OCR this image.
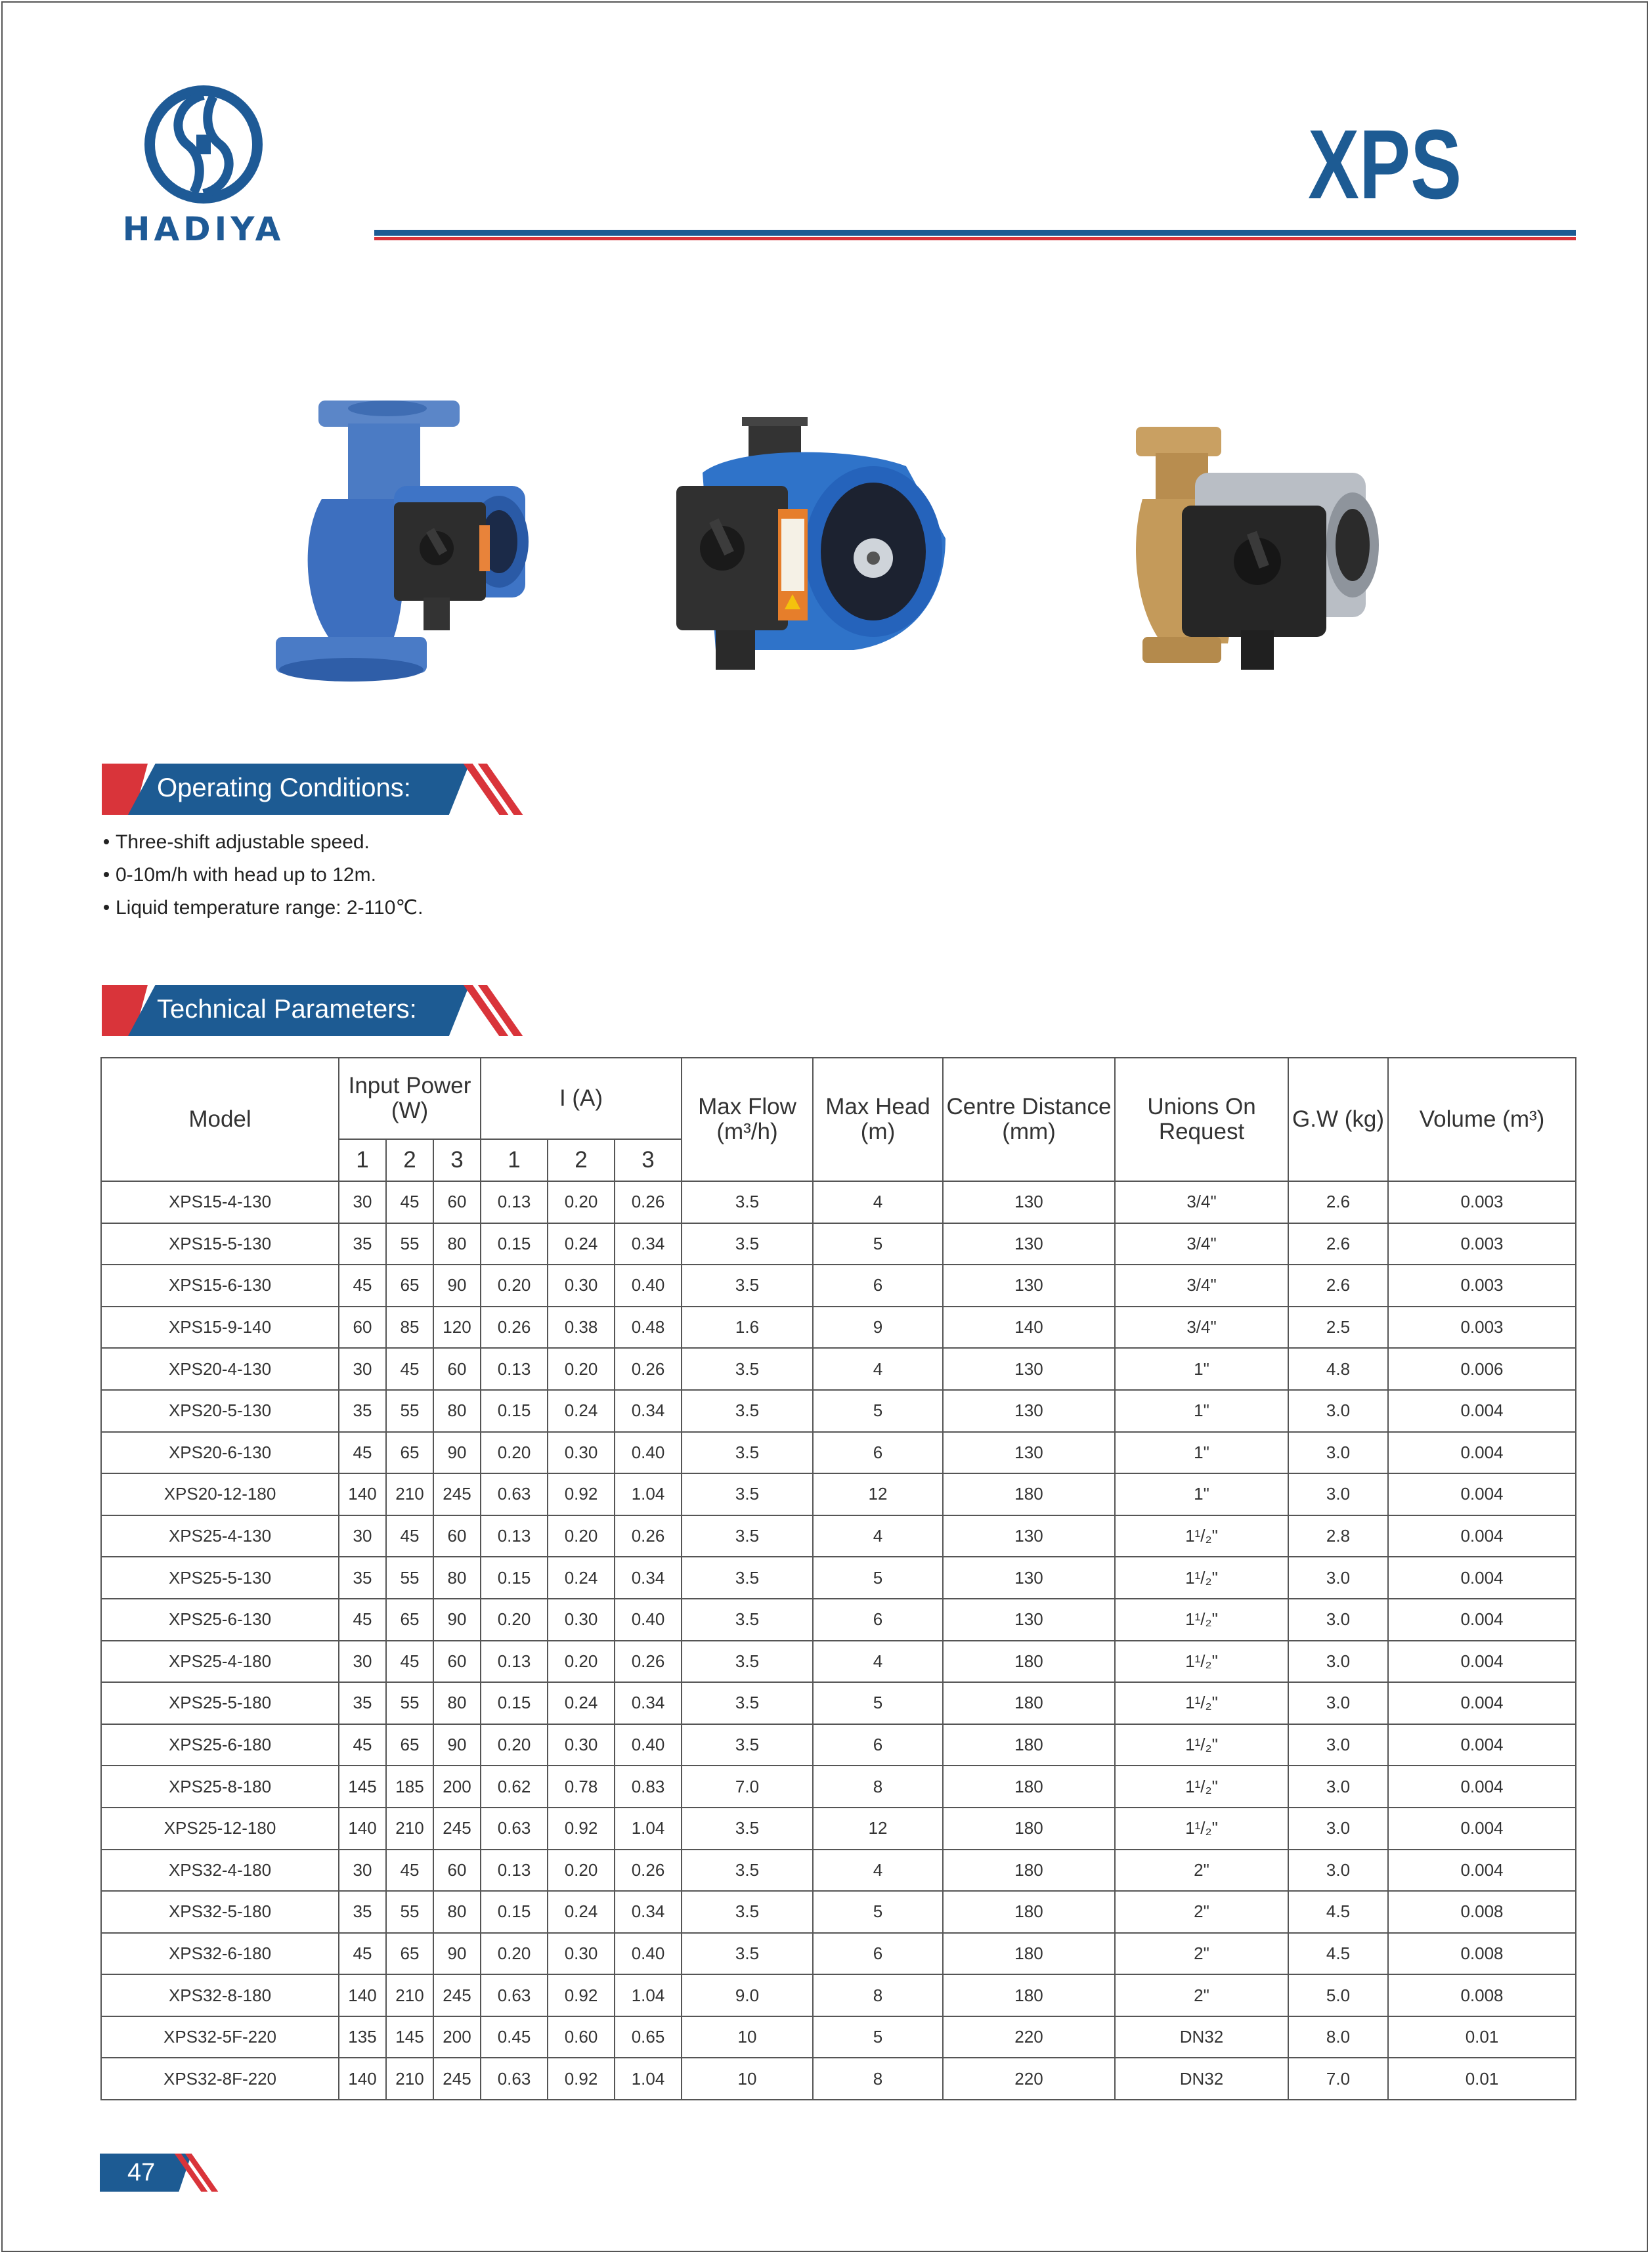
HADIYA
XPS
Operating Conditions:
Three-shift adjustable speed.
0-10m/h with head up to 12m.
Liquid temperature range: 2-110℃.
Technical Parameters:
Model	Input Power (W)			I (A)			Max Flow (m³/h)	Max Head (m)	Centre Distance (mm)	Unions On Request	G.W (kg)	Volume (m³)
	1	2	3	1	2	3						
XPS15-4-130	30	45	60	0.13	0.20	0.26	3.5	4	130	3/4"	2.6	0.003
XPS15-5-130	35	55	80	0.15	0.24	0.34	3.5	5	130	3/4"	2.6	0.003
XPS15-6-130	45	65	90	0.20	0.30	0.40	3.5	6	130	3/4"	2.6	0.003
XPS15-9-140	60	85	120	0.26	0.38	0.48	1.6	9	140	3/4"	2.5	0.003
XPS20-4-130	30	45	60	0.13	0.20	0.26	3.5	4	130	1"	4.8	0.006
XPS20-5-130	35	55	80	0.15	0.24	0.34	3.5	5	130	1"	3.0	0.004
XPS20-6-130	45	65	90	0.20	0.30	0.40	3.5	6	130	1"	3.0	0.004
XPS20-12-180	140	210	245	0.63	0.92	1.04	3.5	12	180	1"	3.0	0.004
XPS25-4-130	30	45	60	0.13	0.20	0.26	3.5	4	130	1¹/₂"	2.8	0.004
XPS25-5-130	35	55	80	0.15	0.24	0.34	3.5	5	130	1¹/₂"	3.0	0.004
XPS25-6-130	45	65	90	0.20	0.30	0.40	3.5	6	130	1¹/₂"	3.0	0.004
XPS25-4-180	30	45	60	0.13	0.20	0.26	3.5	4	180	1¹/₂"	3.0	0.004
XPS25-5-180	35	55	80	0.15	0.24	0.34	3.5	5	180	1¹/₂"	3.0	0.004
XPS25-6-180	45	65	90	0.20	0.30	0.40	3.5	6	180	1¹/₂"	3.0	0.004
XPS25-8-180	145	185	200	0.62	0.78	0.83	7.0	8	180	1¹/₂"	3.0	0.004
XPS25-12-180	140	210	245	0.63	0.92	1.04	3.5	12	180	1¹/₂"	3.0	0.004
XPS32-4-180	30	45	60	0.13	0.20	0.26	3.5	4	180	2"	3.0	0.004
XPS32-5-180	35	55	80	0.15	0.24	0.34	3.5	5	180	2"	4.5	0.008
XPS32-6-180	45	65	90	0.20	0.30	0.40	3.5	6	180	2"	4.5	0.008
XPS32-8-180	140	210	245	0.63	0.92	1.04	9.0	8	180	2"	5.0	0.008
XPS32-5F-220	135	145	200	0.45	0.60	0.65	10	5	220	DN32	8.0	0.01
XPS32-8F-220	140	210	245	0.63	0.92	1.04	10	8	220	DN32	7.0	0.01
47
